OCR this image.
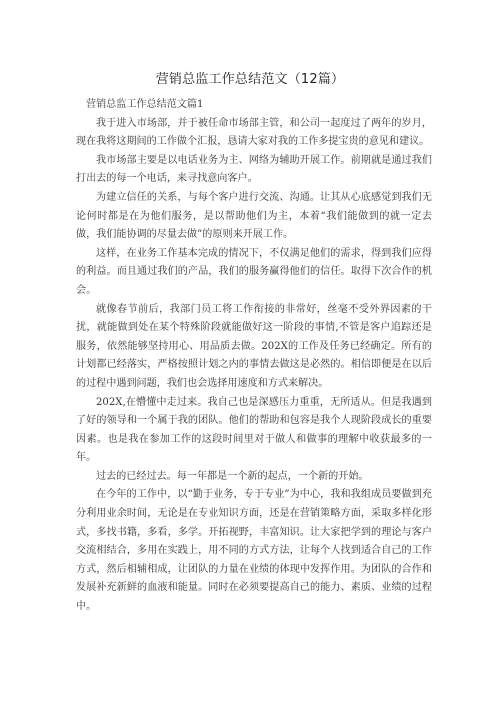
营销总监工作总结范文（12篇）

营销总监工作总结范文篇1

我于进入市场部，并于被任命市场部主管，和公司一起度过了两年的岁月，现在我将这期间的工作做个汇报，恳请大家对我的工作多提宝贵的意见和建议。

我市场部主要是以电话业务为主、网络为辅助开展工作。前期就是通过我们打出去的每一个电话，来寻找意向客户。

为建立信任的关系，与每个客户进行交流、沟通。让其从心底感觉到我们无论何时都是在为他们服务，是以帮助他们为主，本着“我们能做到的就一定去做，我们能协调的尽量去做”的原则来开展工作。

这样，在业务工作基本完成的情况下，不仅满足他们的需求，得到我们应得的利益。而且通过我们的产品，我们的服务赢得他们的信任。取得下次合作的机会。

就像春节前后，我部门员工将工作衔接的非常好，丝毫不受外界因素的干扰，就能做到处在某个特殊阶段就能做好这一阶段的事情,不管是客户追踪还是服务，依然能够坚持用心、用品质去做。202X的工作及任务已经确定。所有的计划都已经落实，严格按照计划之内的事情去做这是必然的。相信即便是在以后的过程中遇到问题，我们也会选择用速度和方式来解决。

202X,在懵懂中走过来。我自己也是深感压力重重，无所适从。但是我遇到了好的领导和一个属于我的团队。他们的帮助和包容是我个人现阶段成长的重要因素。也是我在参加工作的这段时间里对于做人和做事的理解中收获最多的一年。

过去的已经过去。每一年都是一个新的起点，一个新的开始。

在今年的工作中，以“勤于业务，专于专业”为中心，我和我组成员要做到充分利用业余时间，无论是在专业知识方面，还是在营销策略方面，采取多样化形式，多找书籍，多看，多学。开拓视野，丰富知识。让大家把学到的理论与客户交流相结合，多用在实践上，用不同的方式方法，让每个人找到适合自己的工作方式，然后相辅相成，让团队的力量在业绩的体现中发挥作用。为团队的合作和发展补充新鲜的血液和能量。同时在必须要提高自己的能力、素质、业绩的过程中。
